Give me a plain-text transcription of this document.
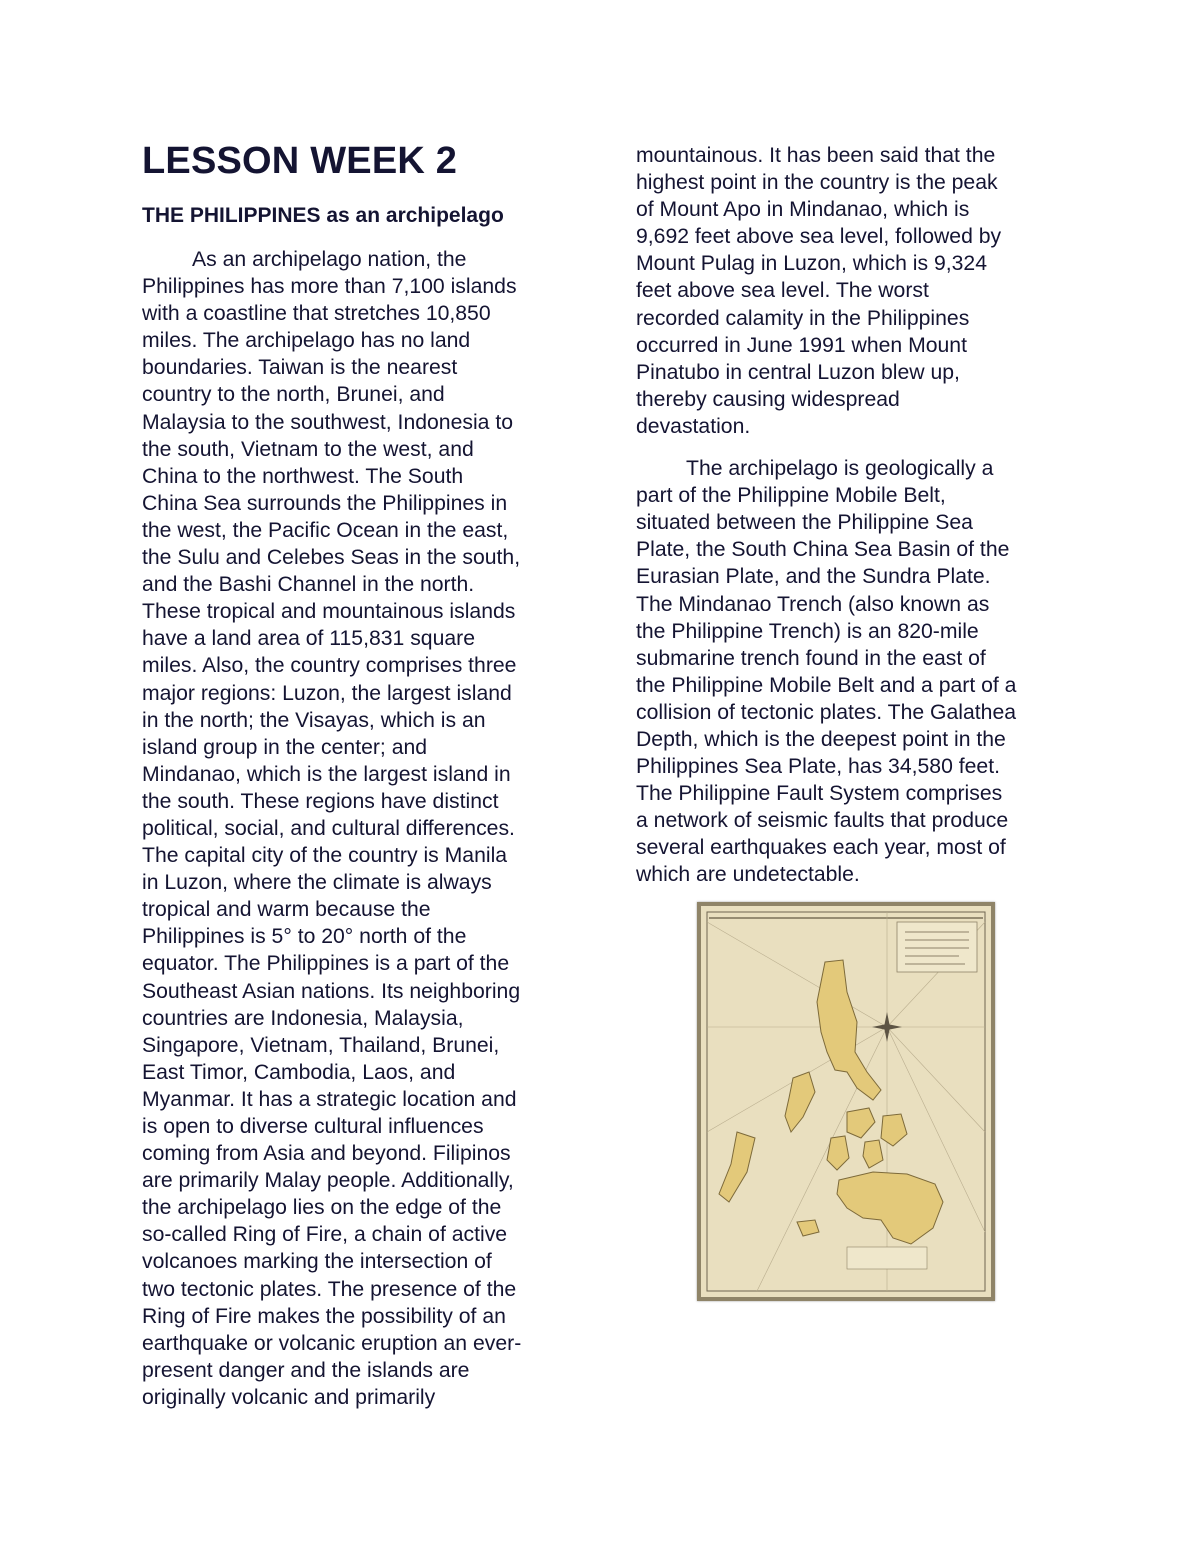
LESSON WEEK 2
THE PHILIPPINES as an archipelago

As an archipelago nation, the
Philippines has more than 7,100 islands
with a coastline that stretches 10,850
miles. The archipelago has no land
boundaries. Taiwan is the nearest
country to the north, Brunei, and
Malaysia to the southwest, Indonesia to
the south, Vietnam to the west, and
China to the northwest. The South
China Sea surrounds the Philippines in
the west, the Pacific Ocean in the east,
the Sulu and Celebes Seas in the south,
and the Bashi Channel in the north.
These tropical and mountainous islands
have a land area of 115,831 square
miles. Also, the country comprises three
major regions: Luzon, the largest island
in the north; the Visayas, which is an
island group in the center; and
Mindanao, which is the largest island in
the south. These regions have distinct
political, social, and cultural differences.
The capital city of the country is Manila
in Luzon, where the climate is always
tropical and warm because the
Philippines is 5° to 20° north of the
equator. The Philippines is a part of the
Southeast Asian nations. Its neighboring
countries are Indonesia, Malaysia,
Singapore, Vietnam, Thailand, Brunei,
East Timor, Cambodia, Laos, and
Myanmar. It has a strategic location and
is open to diverse cultural influences
coming from Asia and beyond. Filipinos
are primarily Malay people. Additionally,
the archipelago lies on the edge of the
so-called Ring of Fire, a chain of active
volcanoes marking the intersection of
two tectonic plates. The presence of the
Ring of Fire makes the possibility of an
earthquake or volcanic eruption an ever-
present danger and the islands are
originally volcanic and primarily

mountainous. It has been said that the
highest point in the country is the peak
of Mount Apo in Mindanao, which is
9,692 feet above sea level, followed by
Mount Pulag in Luzon, which is 9,324
feet above sea level. The worst
recorded calamity in the Philippines
occurred in June 1991 when Mount
Pinatubo in central Luzon blew up,
thereby causing widespread
devastation.

The archipelago is geologically a
part of the Philippine Mobile Belt,
situated between the Philippine Sea
Plate, the South China Sea Basin of the
Eurasian Plate, and the Sundra Plate.
The Mindanao Trench (also known as
the Philippine Trench) is an 820-mile
submarine trench found in the east of
the Philippine Mobile Belt and a part of a
collision of tectonic plates. The Galathea
Depth, which is the deepest point in the
Philippines Sea Plate, has 34,580 feet.
The Philippine Fault System comprises
a network of seismic faults that produce
several earthquakes each year, most of
which are undetectable.
